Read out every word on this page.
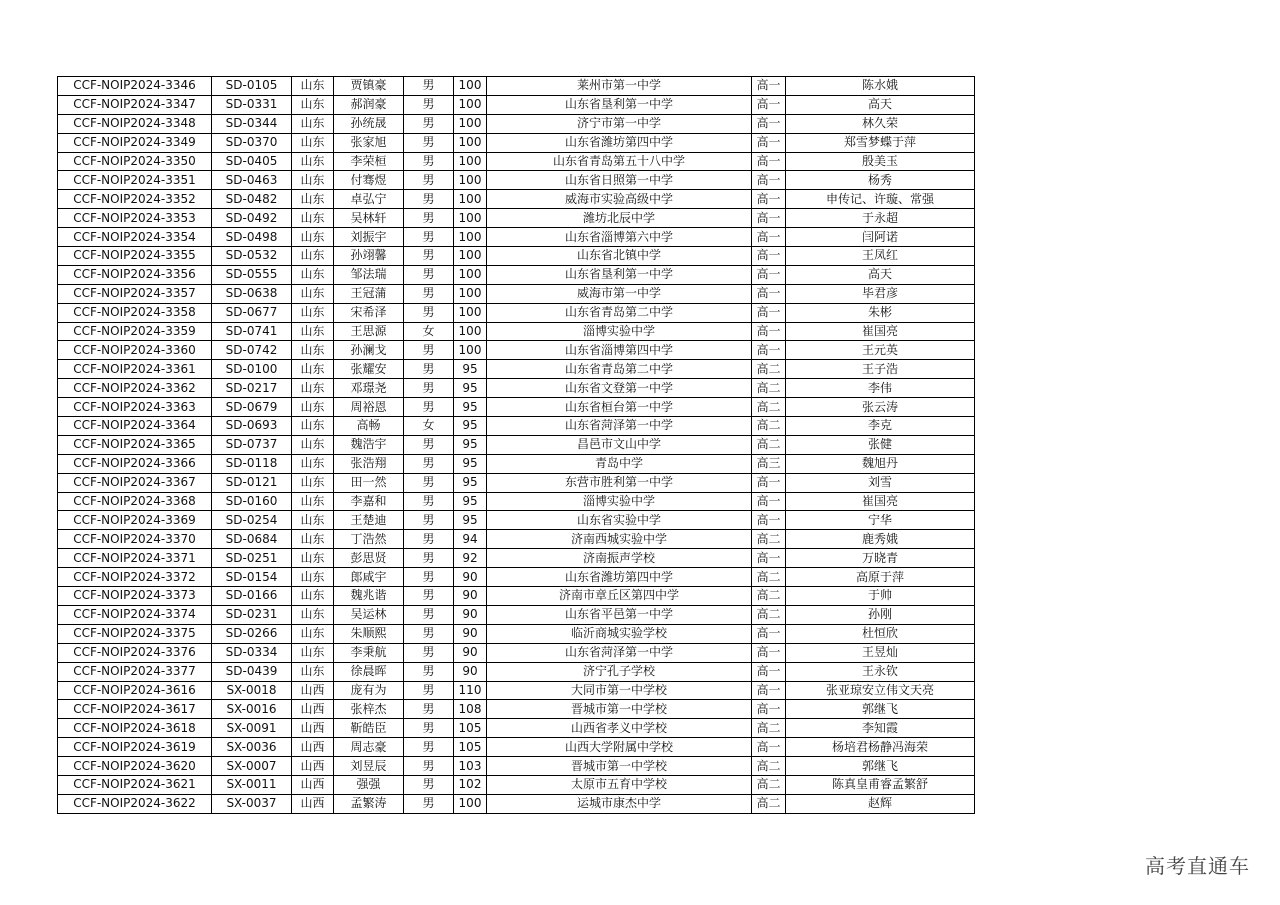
CCF-NOIP2024-3346	SD-0105	山东	贾镇豪	男	100	莱州市第一中学	高一	陈水娥
CCF-NOIP2024-3347	SD-0331	山东	郝润豪	男	100	山东省垦利第一中学	高一	高天
CCF-NOIP2024-3348	SD-0344	山东	孙统晟	男	100	济宁市第一中学	高一	林久荣
CCF-NOIP2024-3349	SD-0370	山东	张家旭	男	100	山东省潍坊第四中学	高一	郑雪梦蝶于萍
CCF-NOIP2024-3350	SD-0405	山东	李荣桓	男	100	山东省青岛第五十八中学	高一	殷美玉
CCF-NOIP2024-3351	SD-0463	山东	付骞煜	男	100	山东省日照第一中学	高一	杨秀
CCF-NOIP2024-3352	SD-0482	山东	卓弘宁	男	100	威海市实验高级中学	高一	申传记、许璇、常强
CCF-NOIP2024-3353	SD-0492	山东	吴林轩	男	100	潍坊北辰中学	高一	于永超
CCF-NOIP2024-3354	SD-0498	山东	刘振宇	男	100	山东省淄博第六中学	高一	闫阿诺
CCF-NOIP2024-3355	SD-0532	山东	孙翊馨	男	100	山东省北镇中学	高一	王凤红
CCF-NOIP2024-3356	SD-0555	山东	邹法瑞	男	100	山东省垦利第一中学	高一	高天
CCF-NOIP2024-3357	SD-0638	山东	王冠蒲	男	100	威海市第一中学	高一	毕君彦
CCF-NOIP2024-3358	SD-0677	山东	宋希泽	男	100	山东省青岛第二中学	高一	朱彬
CCF-NOIP2024-3359	SD-0741	山东	王思源	女	100	淄博实验中学	高一	崔国亮
CCF-NOIP2024-3360	SD-0742	山东	孙澜戈	男	100	山东省淄博第四中学	高一	王元英
CCF-NOIP2024-3361	SD-0100	山东	张耀安	男	95	山东省青岛第二中学	高二	王子浩
CCF-NOIP2024-3362	SD-0217	山东	邓璟尧	男	95	山东省文登第一中学	高二	李伟
CCF-NOIP2024-3363	SD-0679	山东	周裕恩	男	95	山东省桓台第一中学	高二	张云涛
CCF-NOIP2024-3364	SD-0693	山东	高畅	女	95	山东省菏泽第一中学	高二	李克
CCF-NOIP2024-3365	SD-0737	山东	魏浩宇	男	95	昌邑市文山中学	高二	张健
CCF-NOIP2024-3366	SD-0118	山东	张浩翔	男	95	青岛中学	高三	魏旭丹
CCF-NOIP2024-3367	SD-0121	山东	田一然	男	95	东营市胜利第一中学	高一	刘雪
CCF-NOIP2024-3368	SD-0160	山东	李嘉和	男	95	淄博实验中学	高一	崔国亮
CCF-NOIP2024-3369	SD-0254	山东	王楚迪	男	95	山东省实验中学	高一	宁华
CCF-NOIP2024-3370	SD-0684	山东	丁浩然	男	94	济南西城实验中学	高二	鹿秀娥
CCF-NOIP2024-3371	SD-0251	山东	彭思贤	男	92	济南振声学校	高一	万晓青
CCF-NOIP2024-3372	SD-0154	山东	郎咸宇	男	90	山东省潍坊第四中学	高二	高原于萍
CCF-NOIP2024-3373	SD-0166	山东	魏兆谐	男	90	济南市章丘区第四中学	高二	于帅
CCF-NOIP2024-3374	SD-0231	山东	吴运林	男	90	山东省平邑第一中学	高二	孙刚
CCF-NOIP2024-3375	SD-0266	山东	朱顺熙	男	90	临沂商城实验学校	高一	杜恒欣
CCF-NOIP2024-3376	SD-0334	山东	李秉航	男	90	山东省菏泽第一中学	高一	王昱灿
CCF-NOIP2024-3377	SD-0439	山东	徐晨晖	男	90	济宁孔子学校	高一	王永钦
CCF-NOIP2024-3616	SX-0018	山西	庞有为	男	110	大同市第一中学校	高一	张亚琼安立伟文天亮
CCF-NOIP2024-3617	SX-0016	山西	张梓杰	男	108	晋城市第一中学校	高一	郭继飞
CCF-NOIP2024-3618	SX-0091	山西	靳皓臣	男	105	山西省孝义中学校	高二	李知霞
CCF-NOIP2024-3619	SX-0036	山西	周志豪	男	105	山西大学附属中学校	高一	杨培君杨静冯海荣
CCF-NOIP2024-3620	SX-0007	山西	刘昱辰	男	103	晋城市第一中学校	高二	郭继飞
CCF-NOIP2024-3621	SX-0011	山西	强强	男	102	太原市五育中学校	高二	陈真皇甫睿孟繁舒
CCF-NOIP2024-3622	SX-0037	山西	孟繁涛	男	100	运城市康杰中学	高二	赵辉
高考直通车
